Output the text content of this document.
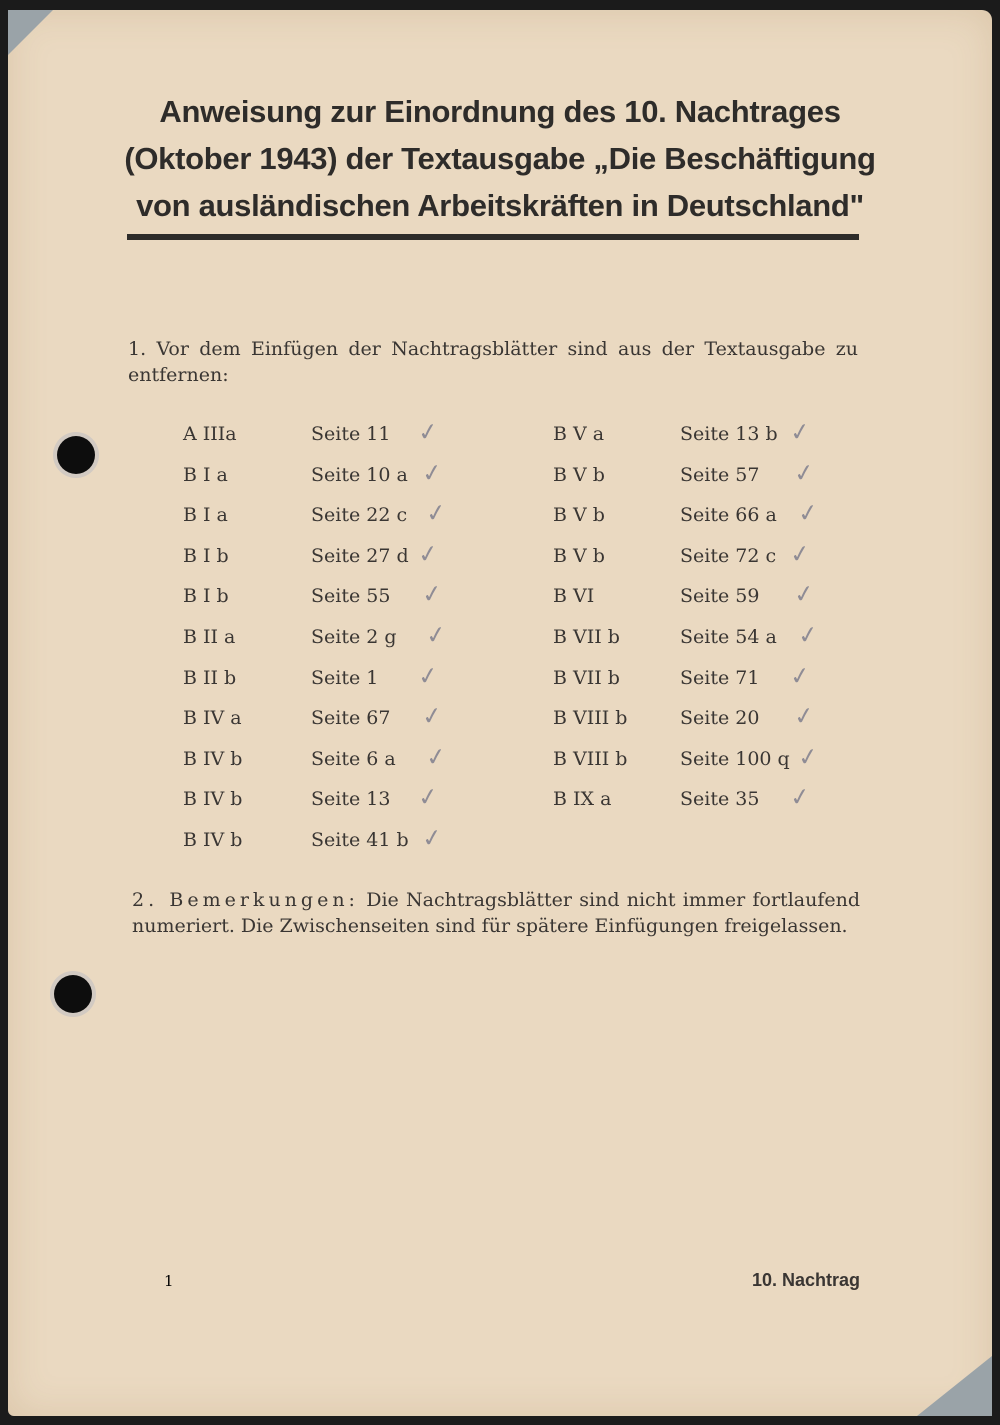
Anweisung zur Einordnung des 10. Nachtrages
(Oktober 1943) der Textausgabe „Die Beschäftigung
von ausländischen Arbeitskräften in Deutschland"

1. Vor dem Einfügen der Nachtragsblätter sind aus der Textausgabe zu entfernen:

A IIIa	Seite 11 ✓
B I a	Seite 10 a ✓
B I a	Seite 22 c ✓
B I b	Seite 27 d ✓
B I b	Seite 55 ✓
B II a	Seite 2 g ✓
B II b	Seite 1 ✓
B IV a	Seite 67 ✓
B IV b	Seite 6 a ✓
B IV b	Seite 13 ✓
B IV b	Seite 41 b ✓
B V a	Seite 13 b ✓
B V b	Seite 57 ✓
B V b	Seite 66 a ✓
B V b	Seite 72 c ✓
B VI	Seite 59 ✓
B VII b	Seite 54 a ✓
B VII b	Seite 71 ✓
B VIII b	Seite 20 ✓
B VIII b	Seite 100 q ✓
B IX a	Seite 35 ✓

2. Bemerkungen: Die Nachtragsblätter sind nicht immer fortlaufend numeriert. Die Zwischenseiten sind für spätere Einfügungen freigelassen.

1	10. Nachtrag
